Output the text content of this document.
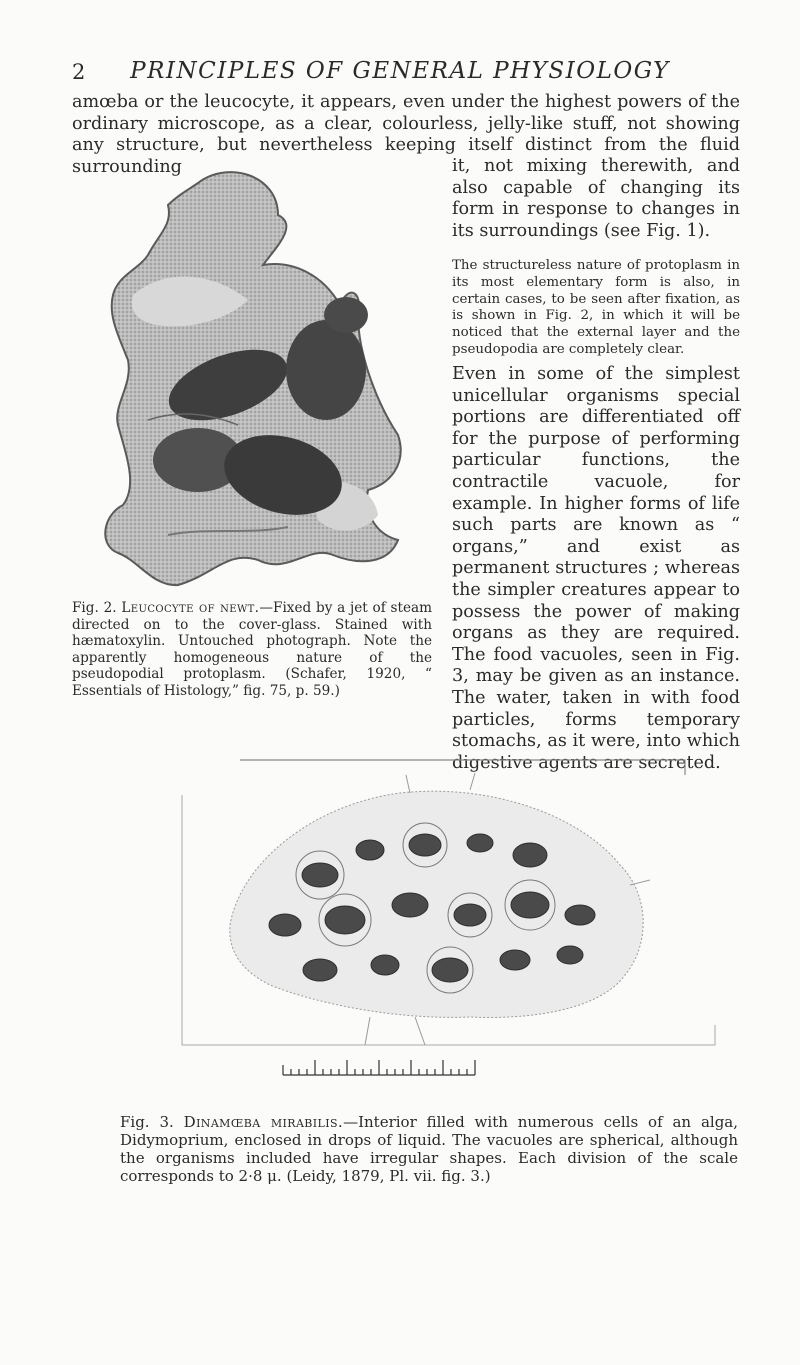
2	PRINCIPLES OF GENERAL PHYSIOLOGY

amœba or the leucocyte, it appears, even under the highest powers of the ordinary microscope, as a clear, colourless, jelly-like stuff, not showing any structure, but nevertheless keeping itself distinct from the fluid surrounding	it, not mixing therewith, and also capable of changing its form in response to changes in its surroundings (see Fig. 1).

The structureless nature of protoplasm in its most elementary form is also, in certain cases, to be seen after fixation, as is shown in Fig. 2, in which it will be noticed that the external layer and the pseudopodia are completely clear.

Even in some of the simplest unicellular organisms special portions are differentiated off for the purpose of performing particular functions, the contractile vacuole, for example. In higher forms of life such parts are known as “ organs,” and exist as permanent structures ; whereas the simpler creatures appear to possess the power of making organs as they are required. The food vacuoles, seen in Fig. 3, may be given as an instance. The water, taken in with food particles, forms temporary stomachs, as it were, into which digestive agents are secreted.

Fig. 2. Leucocyte of newt.—Fixed by a jet of steam directed on to the cover-glass. Stained with hæmatoxylin. Untouched photograph. Note the apparently homogeneous nature of the pseudopodial protoplasm. (Schafer, 1920, “ Essentials of Histology,” fig. 75, p. 59.)

Fig. 3. Dinamœba mirabilis.—Interior filled with numerous cells of an alga, Didymoprium, enclosed in drops of liquid. The vacuoles are spherical, although the organisms included have irregular shapes. Each division of the scale corresponds to 2·8 μ. (Leidy, 1879, Pl. vii. fig. 3.)
